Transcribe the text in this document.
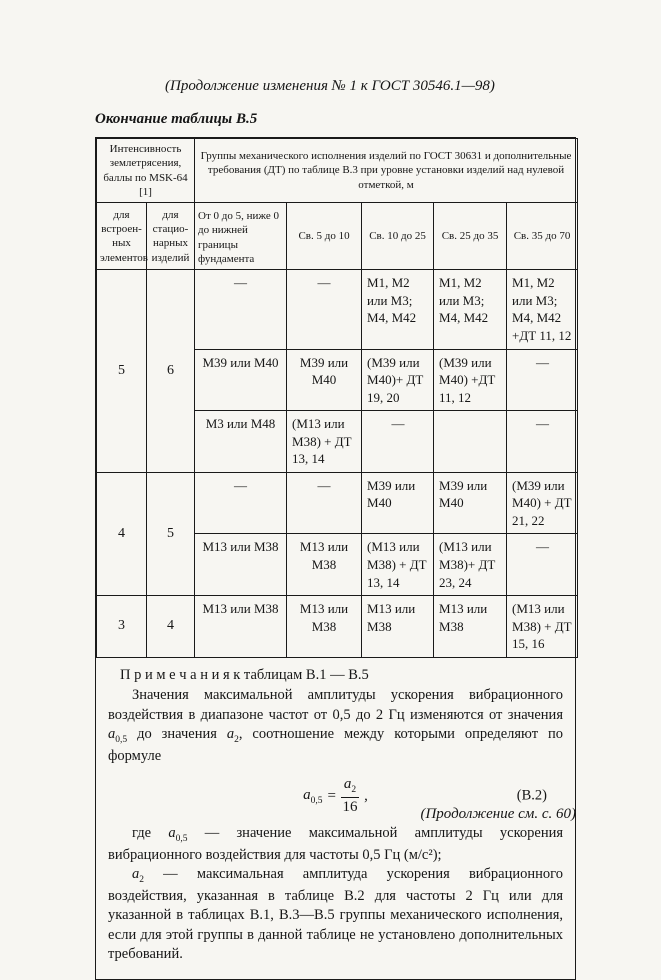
(Продолжение изменения № 1 к ГОСТ 30546.1—98)
Окончание таблицы В.5
Интенсивность землетрясения, баллы по MSK-64 [1]		Группы механического исполнения изделий по ГОСТ 30631 и дополнительные требования (ДТ) по таблице В.3 при уровне установки изделий над нулевой отметкой, м				
для встроенных элементов	для стационарных изделий	От 0 до 5, ниже 0 до нижней границы фундамента	Св. 5 до 10	Св. 10 до 25	Св. 25 до 35	Св. 35 до 70
5	6	—	—	М1, М2 или М3; М4, М42	М1, М2 или М3; М4, М42	М1, М2 или М3; М4, М42 +ДТ 11, 12
		М39 или М40	М39 или М40	(М39 или М40)+ ДТ 19, 20	(М39 или М40) +ДТ 11, 12	—
		М3 или М48	(М13 или М38) + ДТ 13, 14	—		—
4	5	—	—	М39 или М40	М39 или М40	(М39 или М40) + ДТ 21, 22
		М13 или М38	М13 или М38	(М13 или М38) + ДТ 13, 14	(М13 или М38)+ ДТ 23, 24	—
3	4	М13 или М38	М13 или М38	М13 или М38	М13 или М38	(М13 или М38) + ДТ 15, 16

П р и м е ч а н и я к таблицам В.1 — В.5

Значения максимальной амплитуды ускорения вибрационного воздействия в диапазоне частот от 0,5 до 2 Гц изменяются от значения $a_{0,5}$ до значения $a_2$, соотношение между которыми определяют по формуле

$a_{0,5} = \frac{a_2}{16}$ ,	(В.2)

где $a_{0,5}$ — значение максимальной амплитуды ускорения вибрационного воздействия для частоты 0,5 Гц (м/с²);

$a_2$ — максимальная амплитуда ускорения вибрационного воздействия, указанная в таблице В.2 для частоты 2 Гц или для указанной в таблицах В.1, В.3—В.5 группы механического исполнения, если для этой группы в данной таблице не установлено дополнительных требований.

(Продолжение см. с. 60)
